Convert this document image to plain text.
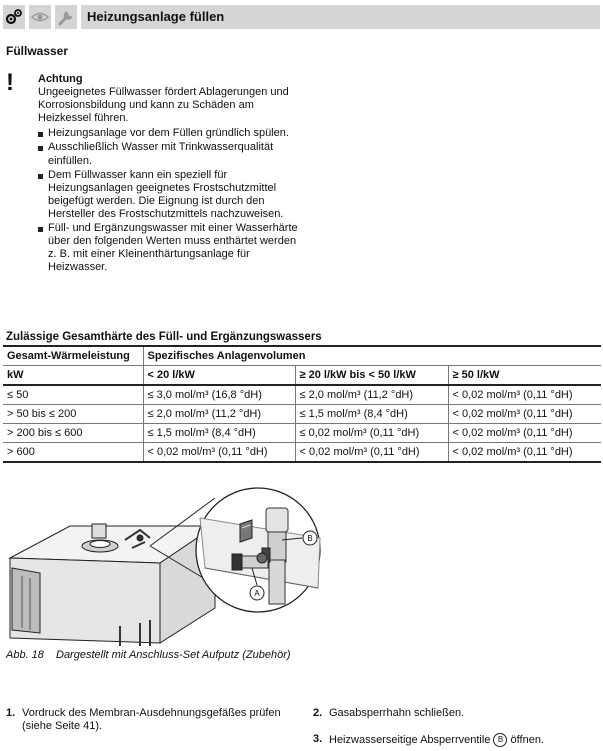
Heizungsanlage füllen
Füllwasser
! Achtung
Ungeeignetes Füllwasser fördert Ablagerungen und Korrosionsbildung und kann zu Schäden am Heizkessel führen.
Heizungsanlage vor dem Füllen gründlich spülen.
Ausschließlich Wasser mit Trinkwasserqualität einfüllen.
Dem Füllwasser kann ein speziell für Heizungsanlagen geeignetes Frostschutzmittel beigefügt werden. Die Eignung ist durch den Hersteller des Frostschutzmittels nachzuweisen.
Füll- und Ergänzungswasser mit einer Wasserhärte über den folgenden Werten muss enthärtet werden z. B. mit einer Kleinenthärtungsanlage für Heizwasser.
Zulässige Gesamthärte des Füll- und Ergänzungswassers
Gesamt-Wärmeleistung	Spezifisches Anlagenvolumen		
kW	< 20 l/kW	≥ 20 l/kW bis < 50 l/kW	≥ 50 l/kW
≤ 50	≤ 3,0 mol/m³ (16,8 °dH)	≤ 2,0 mol/m³ (11,2 °dH)	< 0,02 mol/m³ (0,11 °dH)
> 50 bis ≤ 200	≤ 2,0 mol/m³ (11,2 °dH)	≤ 1,5 mol/m³ (8,4 °dH)	< 0,02 mol/m³ (0,11 °dH)
> 200 bis ≤ 600	≤ 1,5 mol/m³ (8,4 °dH)	≤ 0,02 mol/m³ (0,11 °dH)	< 0,02 mol/m³ (0,11 °dH)
> 600	< 0,02 mol/m³ (0,11 °dH)	< 0,02 mol/m³ (0,11 °dH)	< 0,02 mol/m³ (0,11 °dH)
B
A
Abb. 18 Dargestellt mit Anschluss-Set Aufputz (Zubehör)
1. Vordruck des Membran-Ausdehnungsgefäßes prüfen (siehe Seite 41).
2. Gasabsperrhahn schließen.
3. Heizwasserseitige Absperrventile B öffnen.
